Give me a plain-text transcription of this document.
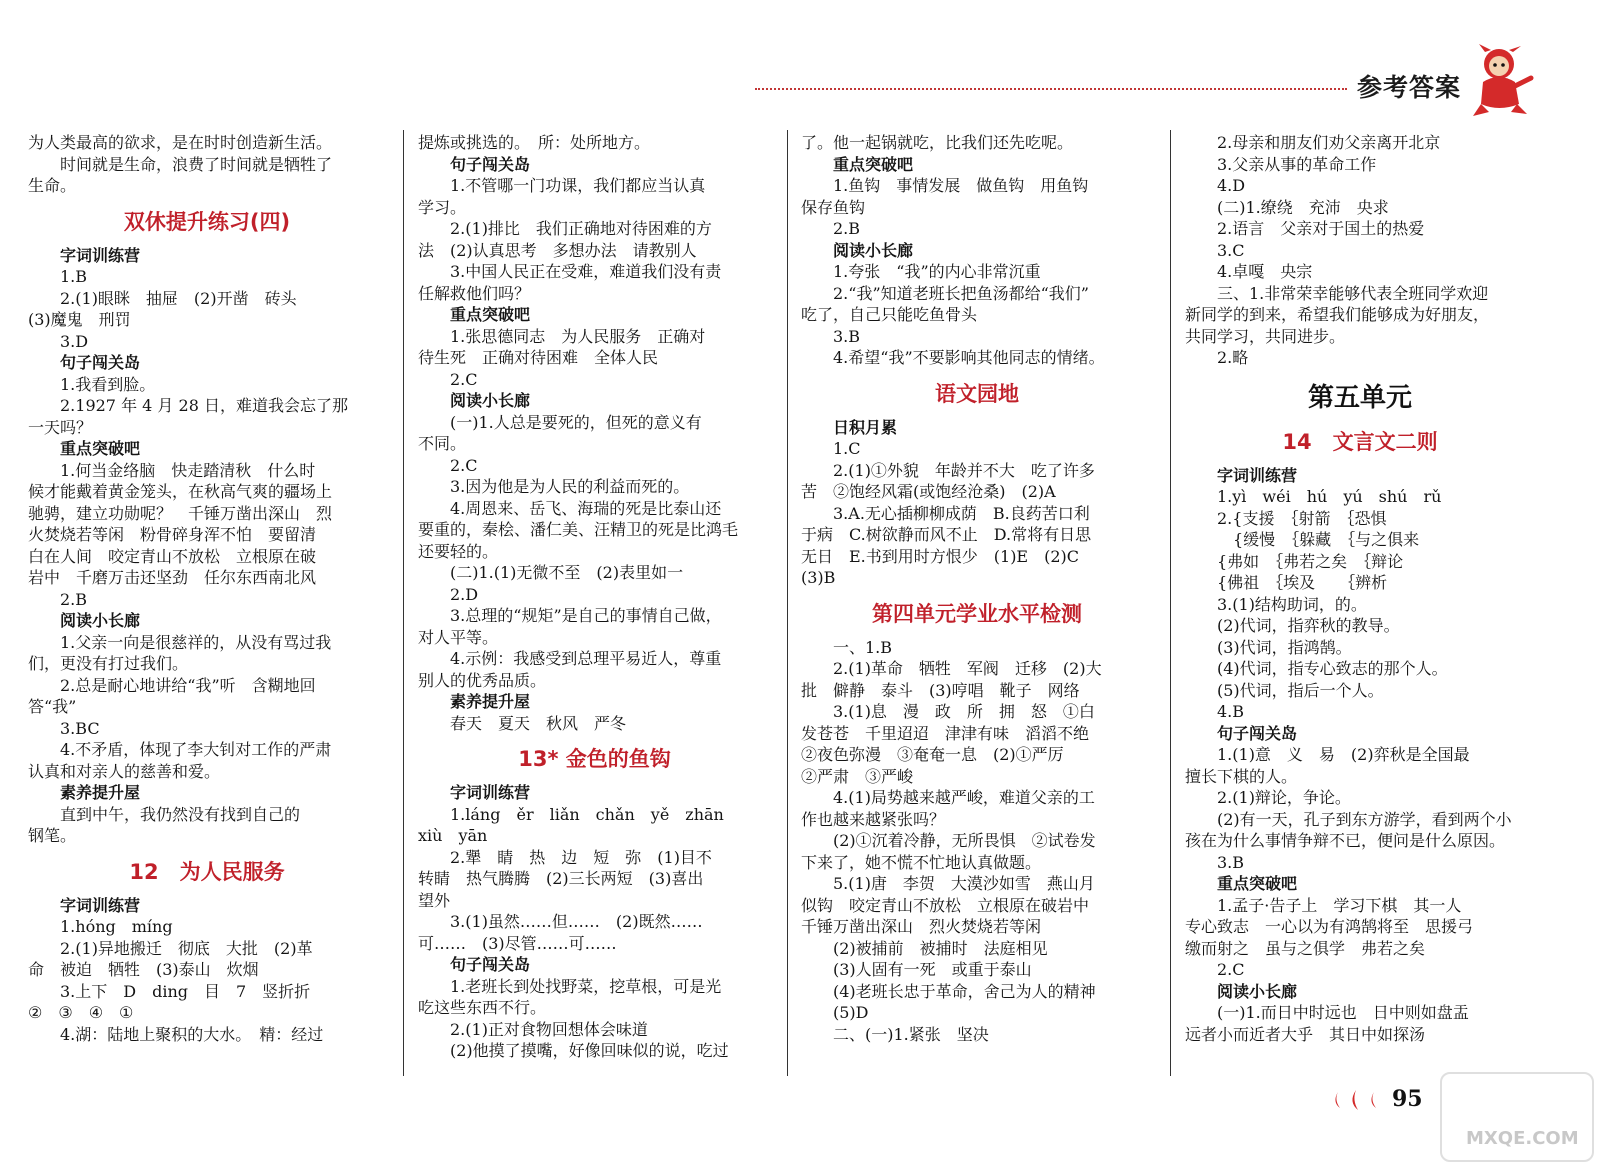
参考答案
为人类最高的欲求，是在时时创造新生活。
时间就是生命，浪费了时间就是牺牲了
生命。
双休提升练习(四)
字词训练营
1.B
2.(1)眼眯　抽屉　(2)开凿　砖头
(3)魔鬼　刑罚
3.D
句子闯关岛
1.我看到脸。
2.1927 年 4 月 28 日，难道我会忘了那
一天吗？
重点突破吧
1.何当金络脑　快走踏清秋　什么时
候才能戴着黄金笼头，在秋高气爽的疆场上
驰骋，建立功勋呢？　千锤万凿出深山　烈
火焚烧若等闲　粉骨碎身浑不怕　要留清
白在人间　咬定青山不放松　立根原在破
岩中　千磨万击还坚劲　任尔东西南北风
2.B
阅读小长廊
1.父亲一向是很慈祥的，从没有骂过我
们，更没有打过我们。
2.总是耐心地讲给“我”听　含糊地回
答“我”
3.BC
4.不矛盾，体现了李大钊对工作的严肃
认真和对亲人的慈善和爱。
素养提升屋
直到中午，我仍然没有找到自己的
钢笔。
12　为人民服务
字词训练营
1.hóng　míng
2.(1)异地搬迁　彻底　大批　(2)革
命　被迫　牺牲　(3)泰山　炊烟
3.上下　D　ding　目　7　竖折折
②　③　④　①
4.湖：陆地上聚积的大水。　精：经过
提炼或挑选的。　所：处所地方。
句子闯关岛
1.不管哪一门功课，我们都应当认真
学习。
2.(1)排比　我们正确地对待困难的方
法　(2)认真思考　多想办法　请教别人
3.中国人民正在受难，难道我们没有责
任解救他们吗？
重点突破吧
1.张思德同志　为人民服务　正确对
待生死　正确对待困难　全体人民
2.C
阅读小长廊
(一)1.人总是要死的，但死的意义有
不同。
2.C
3.因为他是为人民的利益而死的。
4.周恩来、岳飞、海瑞的死是比泰山还
要重的，秦桧、潘仁美、汪精卫的死是比鸿毛
还要轻的。
(二)1.(1)无微不至　(2)表里如一
2.D
3.总理的“规矩”是自己的事情自己做，
对人平等。
4.示例：我感受到总理平易近人，尊重
别人的优秀品质。
素养提升屋
春天　夏天　秋风　严冬
13* 金色的鱼钩
字词训练营
1.láng　ěr　liǎn　chǎn　yě　zhān
xiù　yān
2.犟　睛　热　边　短　弥　(1)目不
转睛　热气腾腾　(2)三长两短　(3)喜出
望外
3.(1)虽然……但……　(2)既然……
可……　(3)尽管……可……
句子闯关岛
1.老班长到处找野菜，挖草根，可是光
吃这些东西不行。
2.(1)正对食物回想体会味道
(2)他摸了摸嘴，好像回味似的说，吃过
了。他一起锅就吃，比我们还先吃呢。
重点突破吧
1.鱼钩　事情发展　做鱼钩　用鱼钩
保存鱼钩
2.B
阅读小长廊
1.夸张　“我”的内心非常沉重
2.“我”知道老班长把鱼汤都给“我们”
吃了，自己只能吃鱼骨头
3.B
4.希望“我”不要影响其他同志的情绪。
语文园地
日积月累
1.C
2.(1)①外貌　年龄并不大　吃了许多
苦　②饱经风霜(或饱经沧桑)　(2)A
3.A.无心插柳柳成荫　B.良药苦口利
于病　C.树欲静而风不止　D.常将有日思
无日　E.书到用时方恨少　(1)E　(2)C
(3)B
第四单元学业水平检测
一、1.B
2.(1)革命　牺牲　军阀　迁移　(2)大
批　僻静　泰斗　(3)哼唱　靴子　网络
3.(1)息　漫　政　所　拥　怒　①白
发苍苍　千里迢迢　津津有味　滔滔不绝
②夜色弥漫　③奄奄一息　(2)①严厉
②严肃　③严峻
4.(1)局势越来越严峻，难道父亲的工
作也越来越紧张吗？
(2)①沉着冷静，无所畏惧　②试卷发
下来了，她不慌不忙地认真做题。
5.(1)唐　李贺　大漠沙如雪　燕山月
似钩　咬定青山不放松　立根原在破岩中
千锤万凿出深山　烈火焚烧若等闲
(2)被捕前　被捕时　法庭相见
(3)人固有一死　或重于泰山
(4)老班长忠于革命，舍己为人的精神
(5)D
二、(一)1.紧张　坚决
2.母亲和朋友们劝父亲离开北京
3.父亲从事的革命工作
4.D
(二)1.缭绕　充沛　央求
2.语言　父亲对于国土的热爱
3.C
4.卓嘎　央宗
三、1.非常荣幸能够代表全班同学欢迎
新同学的到来，希望我们能够成为好朋友，
共同学习，共同进步。
2.略
第五单元
14　文言文二则
字词训练营
1.yì　wéi　hú　yú　shú　rǔ
2.{支援　｛射箭　｛恐惧
　{缓慢　｛躲藏　｛与之俱来
{弗如　｛弗若之矣　｛辩论
{佛祖　｛埃及　　｛辨析
3.(1)结构助词，的。
(2)代词，指弈秋的教导。
(3)代词，指鸿鹄。
(4)代词，指专心致志的那个人。
(5)代词，指后一个人。
4.B
句子闯关岛
1.(1)意　义　易　(2)弈秋是全国最
擅长下棋的人。
2.(1)辩论，争论。
(2)有一天，孔子到东方游学，看到两个小
孩在为什么事情争辩不已，便问是什么原因。
3.B
重点突破吧
1.孟子·告子上　学习下棋　其一人
专心致志　一心以为有鸿鹄将至　思援弓
缴而射之　虽与之俱学　弗若之矣
2.C
阅读小长廊
(一)1.而日中时远也　日中则如盘盂
远者小而近者大乎　其日中如探汤
95
MXQE.COM
